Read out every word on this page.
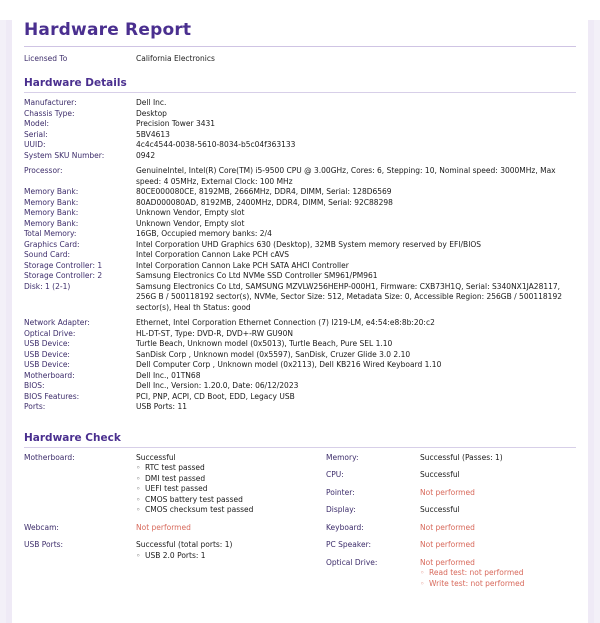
Hardware Report
Licensed To	California Electronics
Hardware Details
Manufacturer:	Dell Inc.
Chassis Type:	Desktop
Model:	Precision Tower 3431
Serial:	5BV4613
UUID:	4c4c4544-0038-5610-8034-b5c04f363133
System SKU Number:	0942
Processor:	GenuineIntel, Intel(R) Core(TM) i5-9500 CPU @ 3.00GHz, Cores: 6, Stepping: 10, Nominal speed: 3000MHz, Max speed: 4 05MHz, External Clock: 100 MHz
Memory Bank:	80CE000080CE, 8192MB, 2666MHz, DDR4, DIMM, Serial: 128D6569
Memory Bank:	80AD000080AD, 8192MB, 2400MHz, DDR4, DIMM, Serial: 92C88298
Memory Bank:	Unknown Vendor, Empty slot
Memory Bank:	Unknown Vendor, Empty slot
Total Memory:	16GB, Occupied memory banks: 2/4
Graphics Card:	Intel Corporation UHD Graphics 630 (Desktop), 32MB System memory reserved by EFI/BIOS
Sound Card:	Intel Corporation Cannon Lake PCH cAVS
Storage Controller: 1	Intel Corporation Cannon Lake PCH SATA AHCI Controller
Storage Controller: 2	Samsung Electronics Co Ltd NVMe SSD Controller SM961/PM961
Disk: 1 (2-1)	Samsung Electronics Co Ltd, SAMSUNG MZVLW256HEHP-000H1, Firmware: CXB73H1Q, Serial: S340NX1JA28117, 256G B / 500118192 sector(s), NVMe, Sector Size: 512, Metadata Size: 0, Accessible Region: 256GB / 500118192 sector(s), Heal th Status: good
Network Adapter:	Ethernet, Intel Corporation Ethernet Connection (7) I219-LM, e4:54:e8:8b:20:c2
Optical Drive:	HL-DT-ST, Type: DVD-R, DVD+-RW GU90N
USB Device:	Turtle Beach, Unknown model (0x5013), Turtle Beach, Pure SEL 1.10
USB Device:	SanDisk Corp , Unknown model (0x5597), SanDisk, Cruzer Glide 3.0 2.10
USB Device:	Dell Computer Corp , Unknown model (0x2113), Dell KB216 Wired Keyboard 1.10
Motherboard:	Dell Inc., 01TN68
BIOS:	Dell Inc., Version: 1.20.0, Date: 06/12/2023
BIOS Features:	PCI, PNP, ACPI, CD Boot, EDD, Legacy USB
Ports:	USB Ports: 11
Hardware Check
Motherboard:	Successful
◦ RTC test passed
◦ DMI test passed
◦ UEFI test passed
◦ CMOS battery test passed
◦ CMOS checksum test passed
Webcam:	Not performed
USB Ports:	Successful (total ports: 1)
◦ USB 2.0 Ports: 1
Memory:	Successful (Passes: 1)
CPU:	Successful
Pointer:	Not performed
Display:	Successful
Keyboard:	Not performed
PC Speaker:	Not performed
Optical Drive:	Not performed
◦ Read test: not performed
◦ Write test: not performed
